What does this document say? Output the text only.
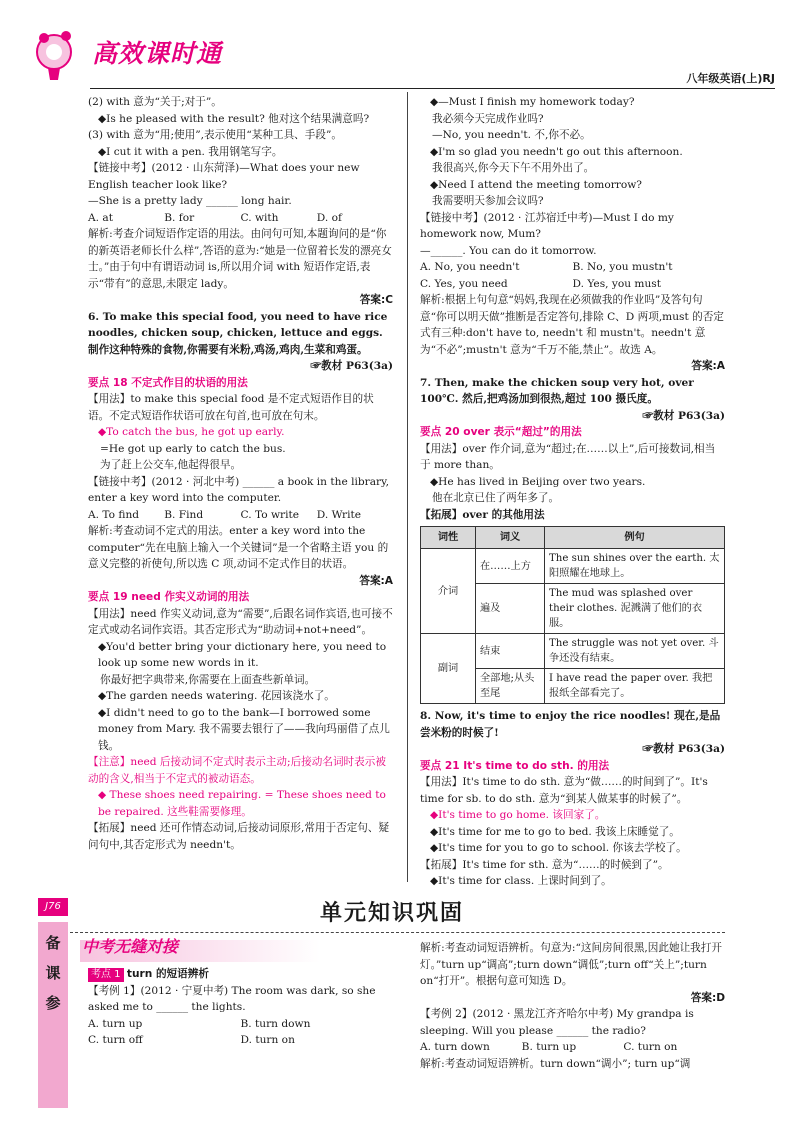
高效课时通
八年级英语(上)RJ

(2) with 意为“关于;对于”。

◆Is he pleased with the result? 他对这个结果满意吗?

(3) with 意为“用;使用”,表示使用“某种工具、手段”。

◆I cut it with a pen. 我用钢笔写字。

【链接中考】(2012 · 山东菏泽)—What does your new English teacher look like?

—She is a pretty lady ______ long hair.

A. at	B. for	C. with	D. of

解析:考查介词短语作定语的用法。由问句可知,本题询问的是“你的新英语老师长什么样”,答语的意为:“她是一位留着长发的漂亮女士。”由于句中有谓语动词 is,所以用介词 with 短语作定语,表示“带有”的意思,未限定 lady。

答案:C

6. To make this special food, you need to have rice noodles, chicken soup, chicken, lettuce and eggs. 制作这种特殊的食物,你需要有米粉,鸡汤,鸡肉,生菜和鸡蛋。

☞教材 P63(3a)

要点 18 不定式作目的状语的用法

【用法】to make this special food 是不定式短语作目的状语。不定式短语作状语可放在句首,也可放在句末。

◆To catch the bus, he got up early.

=He got up early to catch the bus.

为了赶上公交车,他起得很早。

【链接中考】(2012 · 河北中考) ______ a book in the library, enter a key word into the computer.

A. To find	B. Find	C. To write	D. Write

解析:考查动词不定式的用法。enter a key word into the computer“先在电脑上输入一个关键词”是一个省略主语 you 的意义完整的祈使句,所以选 C 项,动词不定式作目的状语。

答案:A

要点 19 need 作实义动词的用法

【用法】need 作实义动词,意为“需要”,后跟名词作宾语,也可接不定式或动名词作宾语。其否定形式为“助动词+not+need”。

◆You'd better bring your dictionary here, you need to look up some new words in it.

你最好把字典带来,你需要在上面查些新单词。

◆The garden needs watering. 花园该浇水了。

◆I didn't need to go to the bank—I borrowed some money from Mary. 我不需要去银行了——我向玛丽借了点儿钱。

【注意】need 后接动词不定式时表示主动;后接动名词时表示被动的含义,相当于不定式的被动语态。

◆ These shoes need repairing. = These shoes need to be repaired. 这些鞋需要修理。

【拓展】need 还可作情态动词,后接动词原形,常用于否定句、疑问句中,其否定形式为 needn't。

◆—Must I finish my homework today?

我必须今天完成作业吗?

—No, you needn't. 不,你不必。

◆I'm so glad you needn't go out this afternoon.

我很高兴,你今天下午不用外出了。

◆Need I attend the meeting tomorrow?

我需要明天参加会议吗?

【链接中考】(2012 · 江苏宿迁中考)—Must I do my homework now, Mum?

—______. You can do it tomorrow.

A. No, you needn't	B. No, you mustn't
C. Yes, you need	D. Yes, you must

解析:根据上句句意“妈妈,我现在必须做我的作业吗”及答句句意“你可以明天做”推断是否定答句,排除 C、D 两项,must 的否定式有三种:don't have to, needn't 和 mustn't。needn't 意为“不必”;mustn't 意为“千万不能,禁止”。故选 A。

答案:A

7. Then, make the chicken soup very hot, over 100℃. 然后,把鸡汤加到很热,超过 100 摄氏度。

☞教材 P63(3a)

要点 20 over 表示“超过”的用法

【用法】over 作介词,意为“超过;在……以上”,后可接数词,相当于 more than。

◆He has lived in Beijing over two years.

他在北京已住了两年多了。

【拓展】over 的其他用法

词性	词义	例句
介词	在……上方	The sun shines over the earth. 太阳照耀在地球上。
	遍及	The mud was splashed over their clothes. 泥溅满了他们的衣服。
副词	结束	The struggle was not yet over. 斗争还没有结束。
	全部地;从头至尾	I have read the paper over. 我把报纸全部看完了。

8. Now, it's time to enjoy the rice noodles! 现在,是品尝米粉的时候了!

☞教材 P63(3a)

要点 21 It's time to do sth. 的用法

【用法】It's time to do sth. 意为“做……的时间到了”。It's time for sb. to do sth. 意为“到某人做某事的时候了”。

◆It's time to go home. 该回家了。

◆It's time for me to go to bed. 我该上床睡觉了。

◆It's time for you to go to school. 你该去学校了。

【拓展】It's time for sth. 意为“……的时候到了”。

◆It's time for class. 上课时间到了。

J76
备
课
参
单元知识巩固
中考无缝对接

考点 1 turn 的短语辨析

【考例 1】(2012 · 宁夏中考) The room was dark, so she asked me to ______ the lights.

A. turn up	B. turn down
C. turn off	D. turn on

解析:考查动词短语辨析。句意为:“这间房间很黑,因此她让我打开灯。”turn up“调高”;turn down“调低”;turn off“关上”;turn on“打开”。根据句意可知选 D。

答案:D

【考例 2】(2012 · 黑龙江齐齐哈尔中考) My grandpa is sleeping. Will you please ______ the radio?

A. turn down	B. turn up	C. turn on

解析:考查动词短语辨析。turn down“调小”; turn up“调
